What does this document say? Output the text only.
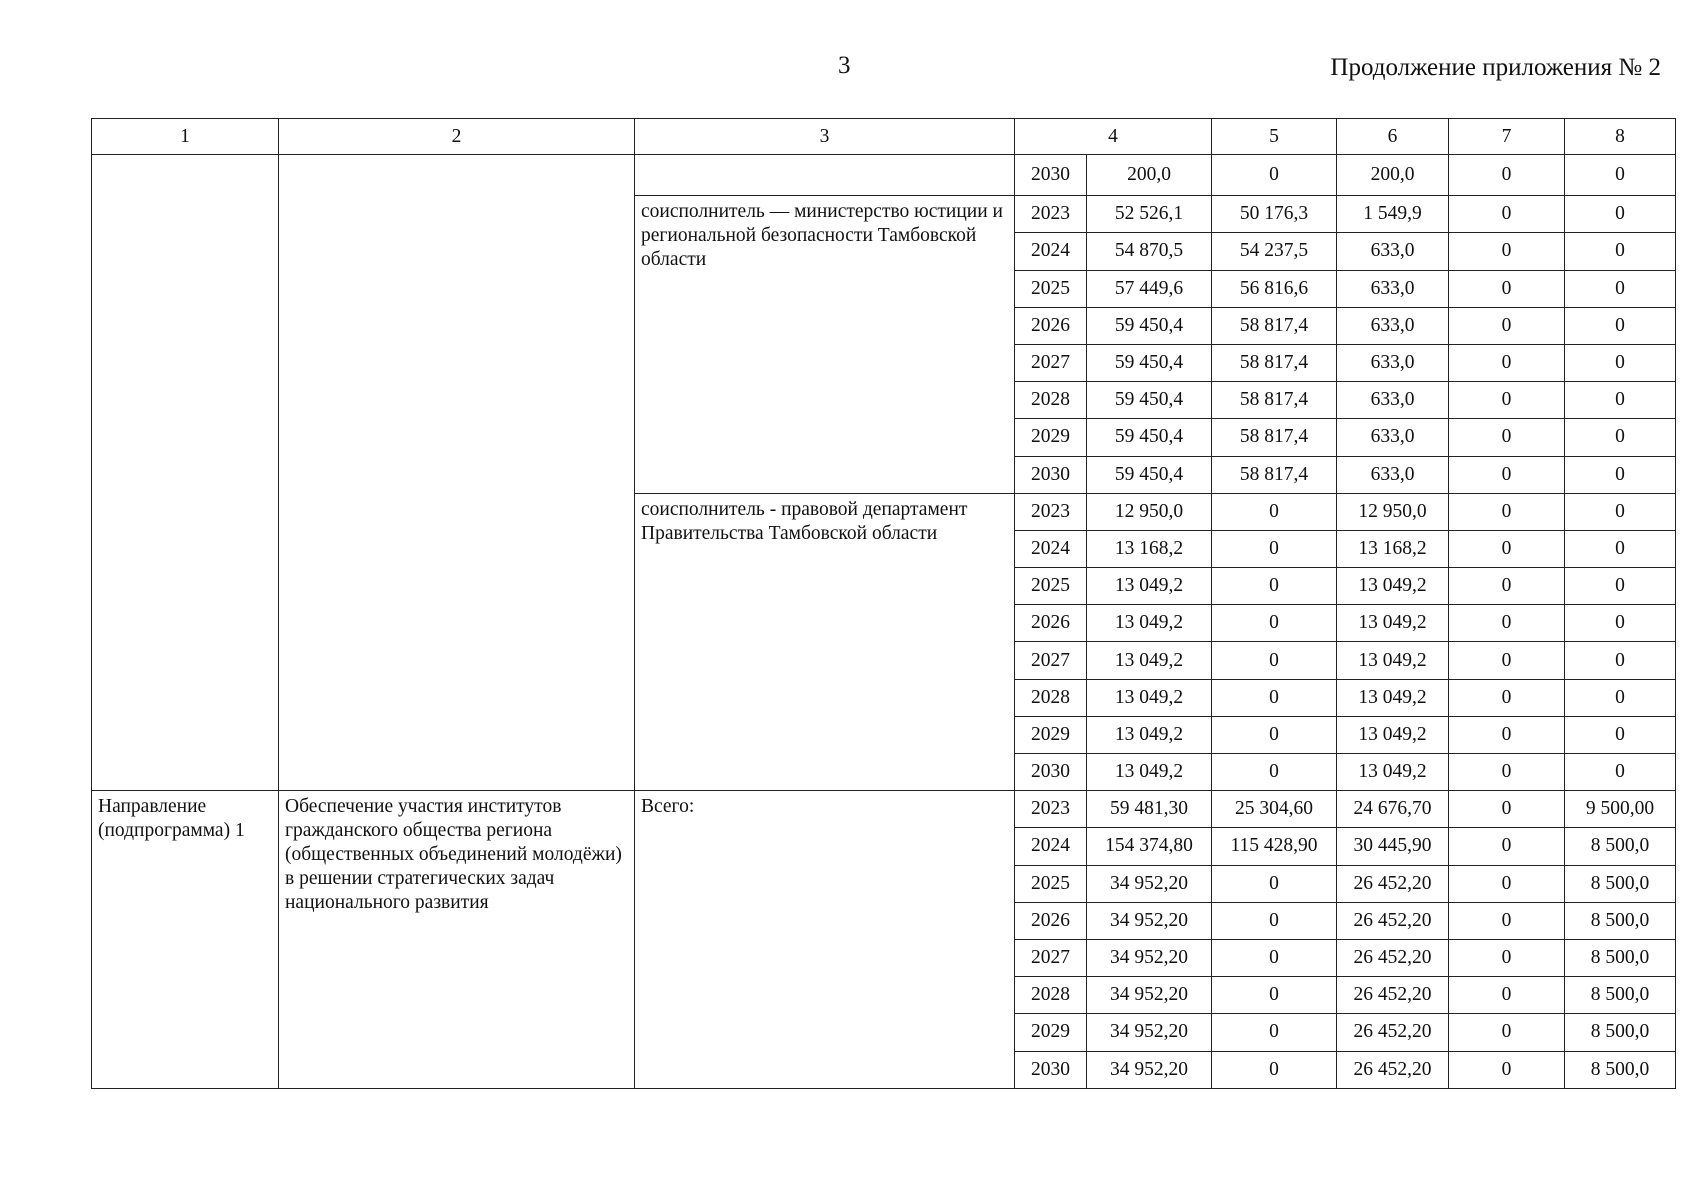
3	Продолжение приложения № 2
1	2	3	4		5	6	7	8
			2030	200,0	0	200,0	0	0
		соисполнитель — министерство юстиции и региональной безопасности Тамбовской области	2023	52 526,1	50 176,3	1 549,9	0	0
			2024	54 870,5	54 237,5	633,0	0	0
			2025	57 449,6	56 816,6	633,0	0	0
			2026	59 450,4	58 817,4	633,0	0	0
			2027	59 450,4	58 817,4	633,0	0	0
			2028	59 450,4	58 817,4	633,0	0	0
			2029	59 450,4	58 817,4	633,0	0	0
			2030	59 450,4	58 817,4	633,0	0	0
		соисполнитель - правовой департамент Правительства Тамбовской области	2023	12 950,0	0	12 950,0	0	0
			2024	13 168,2	0	13 168,2	0	0
			2025	13 049,2	0	13 049,2	0	0
			2026	13 049,2	0	13 049,2	0	0
			2027	13 049,2	0	13 049,2	0	0
			2028	13 049,2	0	13 049,2	0	0
			2029	13 049,2	0	13 049,2	0	0
			2030	13 049,2	0	13 049,2	0	0
Направление (подпрограмма) 1	Обеспечение участия институтов гражданского общества региона (общественных объединений молодёжи) в решении стратегических задач национального развития	Всего:	2023	59 481,30	25 304,60	24 676,70	0	9 500,00
			2024	154 374,80	115 428,90	30 445,90	0	8 500,0
			2025	34 952,20	0	26 452,20	0	8 500,0
			2026	34 952,20	0	26 452,20	0	8 500,0
			2027	34 952,20	0	26 452,20	0	8 500,0
			2028	34 952,20	0	26 452,20	0	8 500,0
			2029	34 952,20	0	26 452,20	0	8 500,0
			2030	34 952,20	0	26 452,20	0	8 500,0
